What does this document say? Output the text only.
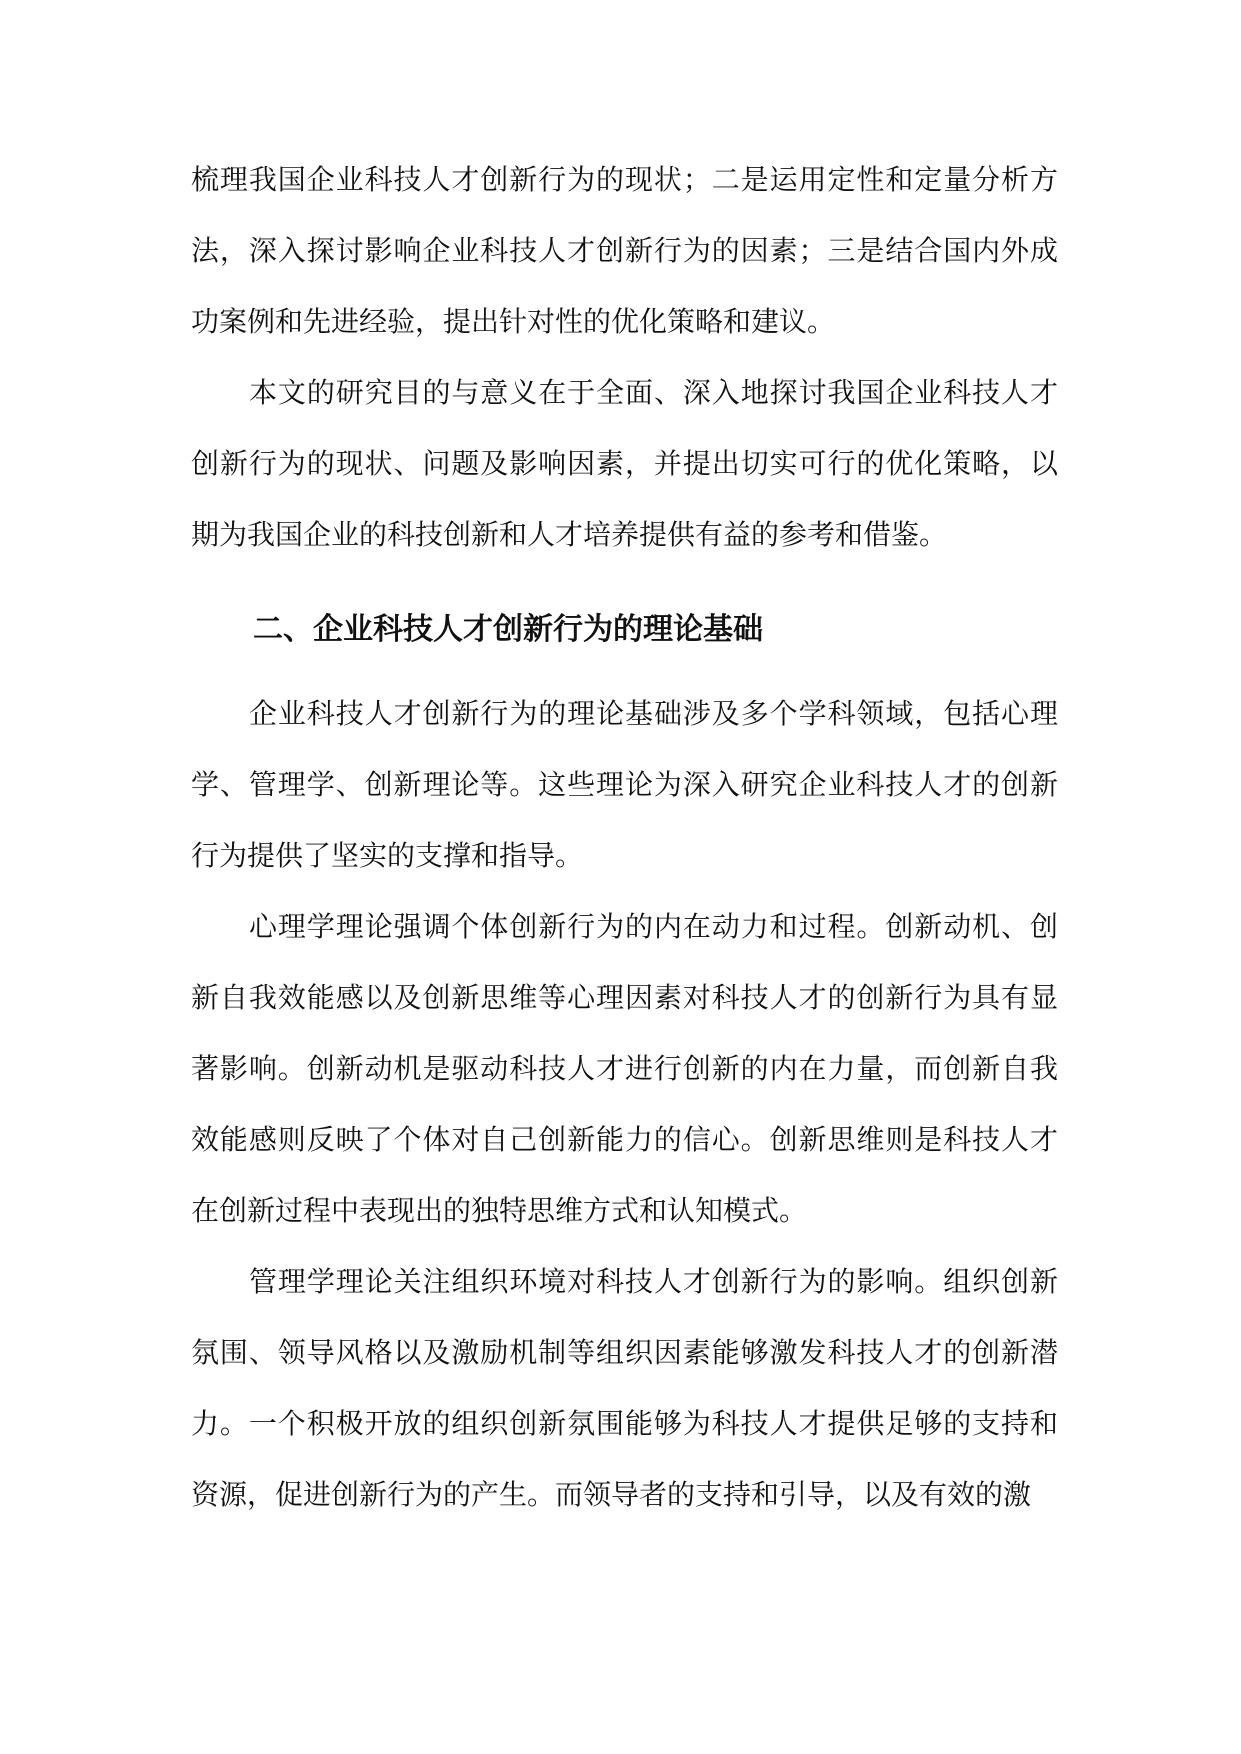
梳理我国企业科技人才创新行为的现状；二是运用定性和定量分析方法，深入探讨影响企业科技人才创新行为的因素；三是结合国内外成功案例和先进经验，提出针对性的优化策略和建议。

本文的研究目的与意义在于全面、深入地探讨我国企业科技人才创新行为的现状、问题及影响因素，并提出切实可行的优化策略，以期为我国企业的科技创新和人才培养提供有益的参考和借鉴。

二、企业科技人才创新行为的理论基础

企业科技人才创新行为的理论基础涉及多个学科领域，包括心理学、管理学、创新理论等。这些理论为深入研究企业科技人才的创新行为提供了坚实的支撑和指导。

心理学理论强调个体创新行为的内在动力和过程。创新动机、创新自我效能感以及创新思维等心理因素对科技人才的创新行为具有显著影响。创新动机是驱动科技人才进行创新的内在力量，而创新自我效能感则反映了个体对自己创新能力的信心。创新思维则是科技人才在创新过程中表现出的独特思维方式和认知模式。

管理学理论关注组织环境对科技人才创新行为的影响。组织创新氛围、领导风格以及激励机制等组织因素能够激发科技人才的创新潜力。一个积极开放的组织创新氛围能够为科技人才提供足够的支持和资源，促进创新行为的产生。而领导者的支持和引导，以及有效的激
